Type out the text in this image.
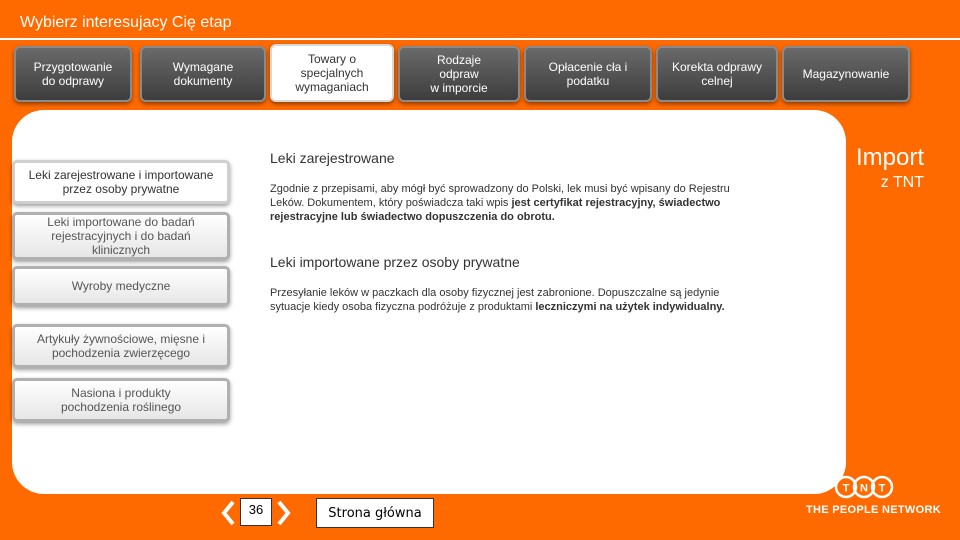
Wybierz interesujacy Cię etap
Przygotowanie
do odprawy
Wymagane
dokumenty
Towary o
specjalnych
wymaganiach
Rodzaje
odpraw
w imporcie
Opłacenie cła i
podatku
Korekta odprawy
celnej	Magazynowanie
Leki zarejestrowane i importowane
przez osoby prywatne
Leki importowane do badań
rejestracyjnych i do badań
klinicznych
Wyroby medyczne
Artykuły żywnościowe, mięsne i
pochodzenia zwierzęcego
Nasiona i produkty
pochodzenia roślinego
Leki zarejestrowane
Zgodnie z przepisami, aby mógł być sprowadzony do Polski, lek musi być wpisany do Rejestru Leków. Dokumentem, który poświadcza taki wpis jest certyfikat rejestracyjny, świadectwo rejestracyjne lub świadectwo dopuszczenia do obrotu.
Leki importowane przez osoby prywatne
Przesyłanie leków w paczkach dla osoby fizycznej jest zabronione. Dopuszczalne są jedynie sytuacje kiedy osoba fizyczna podróżuje z produktami leczniczymi na użytek indywidualny.
Import
z TNT
36	Strona główna
T N T
THE PEOPLE NETWORK
